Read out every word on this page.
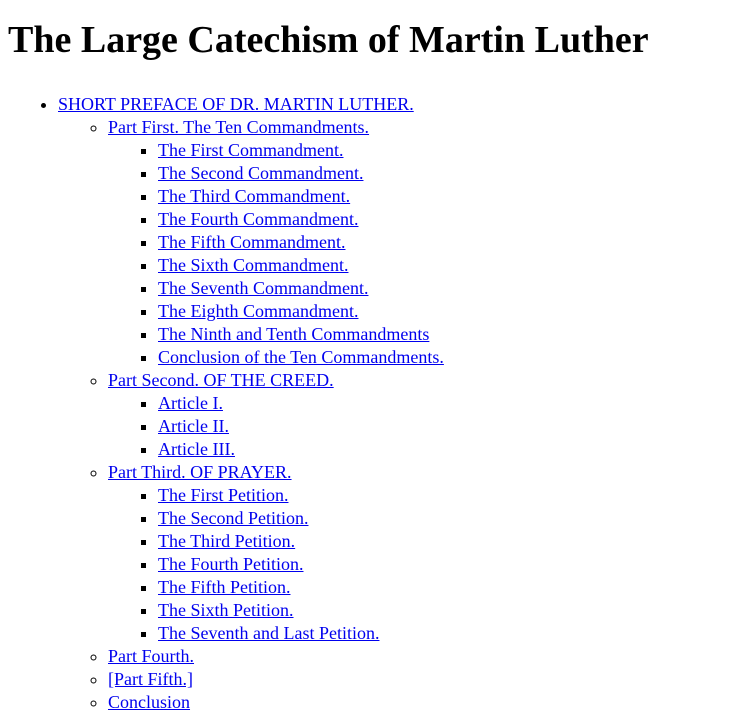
The Large Catechism of Martin Luther
• SHORT PREFACE OF DR. MARTIN LUTHER.
◦ Part First. The Ten Commandments.
▪ The First Commandment.
▪ The Second Commandment.
▪ The Third Commandment.
▪ The Fourth Commandment.
▪ The Fifth Commandment.
▪ The Sixth Commandment.
▪ The Seventh Commandment.
▪ The Eighth Commandment.
▪ The Ninth and Tenth Commandments
▪ Conclusion of the Ten Commandments.
◦ Part Second. OF THE CREED.
▪ Article I.
▪ Article II.
▪ Article III.
◦ Part Third. OF PRAYER.
▪ The First Petition.
▪ The Second Petition.
▪ The Third Petition.
▪ The Fourth Petition.
▪ The Fifth Petition.
▪ The Sixth Petition.
▪ The Seventh and Last Petition.
◦ Part Fourth.
◦ [Part Fifth.]
◦ Conclusion
